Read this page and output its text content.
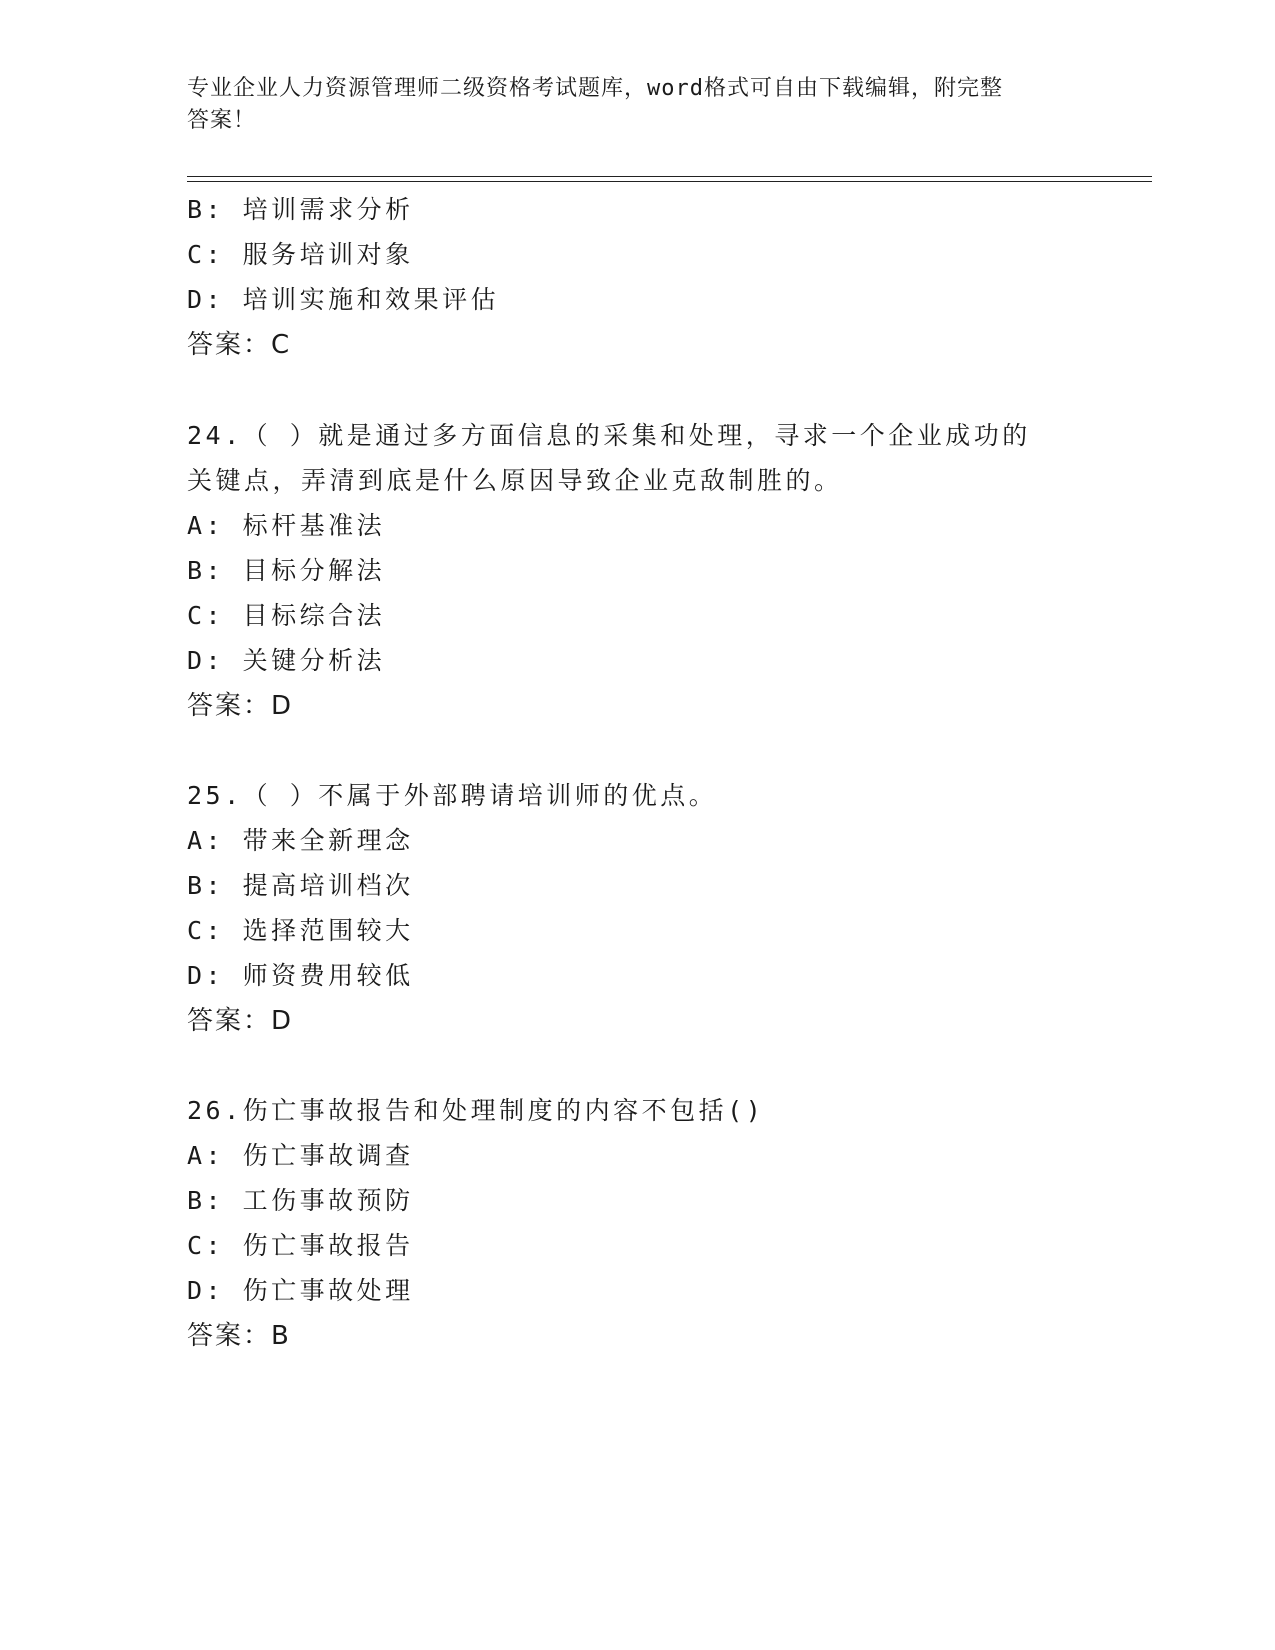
专业企业人力资源管理师二级资格考试题库，word格式可自由下载编辑，附完整
答案！
B: 培训需求分析
C: 服务培训对象
D: 培训实施和效果评估
答案：C
24.（ ）就是通过多方面信息的采集和处理，寻求一个企业成功的
关键点，弄清到底是什么原因导致企业克敌制胜的。
A: 标杆基准法
B: 目标分解法
C: 目标综合法
D: 关键分析法
答案：D
25.（ ）不属于外部聘请培训师的优点。
A: 带来全新理念
B: 提高培训档次
C: 选择范围较大
D: 师资费用较低
答案：D
26.伤亡事故报告和处理制度的内容不包括()
A: 伤亡事故调查
B: 工伤事故预防
C: 伤亡事故报告
D: 伤亡事故处理
答案：B
